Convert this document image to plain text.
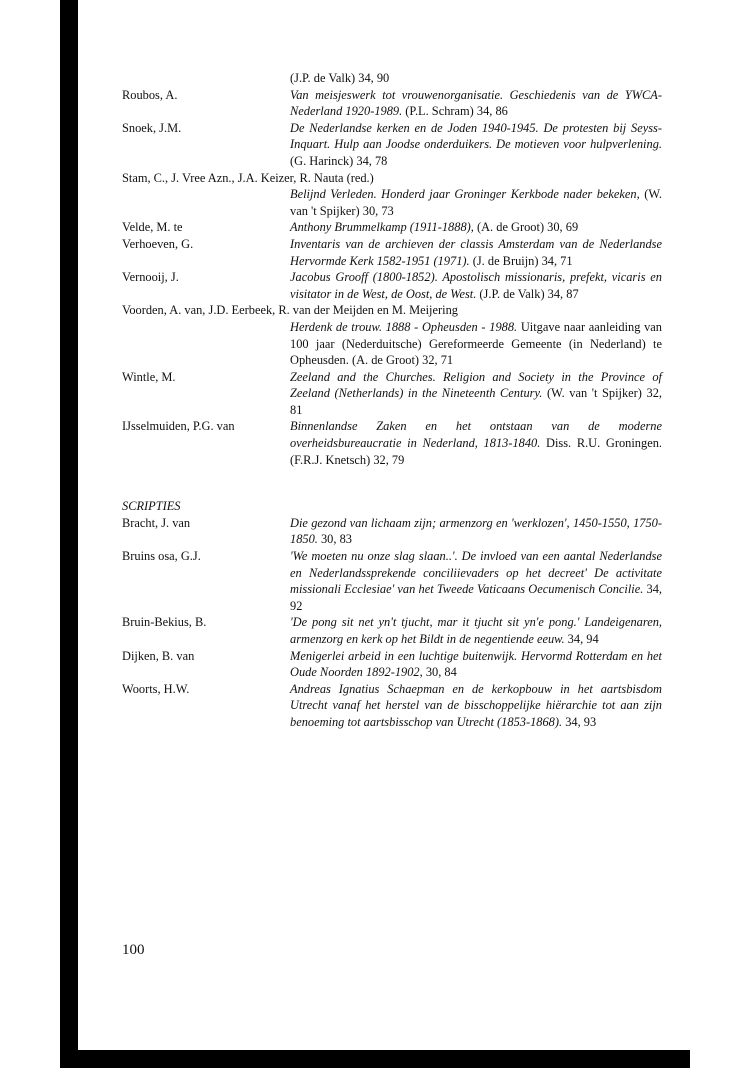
(J.P. de Valk) 34, 90
Roubos, A.	Van meisjeswerk tot vrouwenorganisatie. Geschiedenis van de YWCA-Nederland 1920-1989. (P.L. Schram) 34, 86
Snoek, J.M.	De Nederlandse kerken en de Joden 1940-1945. De protesten bij Seyss-Inquart. Hulp aan Joodse onderduikers. De motieven voor hulpverlening. (G. Harinck) 34, 78
Stam, C., J. Vree Azn., J.A. Keizer, R. Nauta (red.)
Belijnd Verleden. Honderd jaar Groninger Kerkbode nader bekeken, (W. van 't Spijker) 30, 73
Velde, M. te	Anthony Brummelkamp (1911-1888), (A. de Groot) 30, 69
Verhoeven, G.	Inventaris van de archieven der classis Amsterdam van de Nederlandse Hervormde Kerk 1582-1951 (1971). (J. de Bruijn) 34, 71
Vernooij, J.	Jacobus Grooff (1800-1852). Apostolisch missionaris, prefekt, vicaris en visitator in de West, de Oost, de West. (J.P. de Valk) 34, 87
Voorden, A. van, J.D. Eerbeek, R. van der Meijden en M. Meijering
Herdenk de trouw. 1888 - Opheusden - 1988. Uitgave naar aanleiding van 100 jaar (Nederduitsche) Gereformeerde Gemeente (in Nederland) te Opheusden. (A. de Groot) 32, 71
Wintle, M.	Zeeland and the Churches. Religion and Society in the Province of Zeeland (Netherlands) in the Nineteenth Century. (W. van 't Spijker) 32, 81
IJsselmuiden, P.G. van	Binnenlandse Zaken en het ontstaan van de moderne overheidsbureaucratie in Nederland, 1813-1840. Diss. R.U. Groningen. (F.R.J. Knetsch) 32, 79
SCRIPTIES
Bracht, J. van	Die gezond van lichaam zijn; armenzorg en 'werklozen', 1450-1550, 1750-1850. 30, 83
Bruins osa, G.J.	'We moeten nu onze slag slaan..'. De invloed van een aantal Nederlandse en Nederlandssprekende conciliievaders op het decreet' De activitate missionali Ecclesiae' van het Tweede Vaticaans Oecumenisch Concilie. 34, 92
Bruin-Bekius, B.	'De pong sit net yn't tjucht, mar it tjucht sit yn'e pong.' Landeigenaren, armenzorg en kerk op het Bildt in de negentiende eeuw. 34, 94
Dijken, B. van	Menigerlei arbeid in een luchtige buitenwijk. Hervormd Rotterdam en het Oude Noorden 1892-1902, 30, 84
Woorts, H.W.	Andreas Ignatius Schaepman en de kerkopbouw in het aartsbisdom Utrecht vanaf het herstel van de bisschoppelijke hiërarchie tot aan zijn benoeming tot aartsbisschop van Utrecht (1853-1868). 34, 93
100
